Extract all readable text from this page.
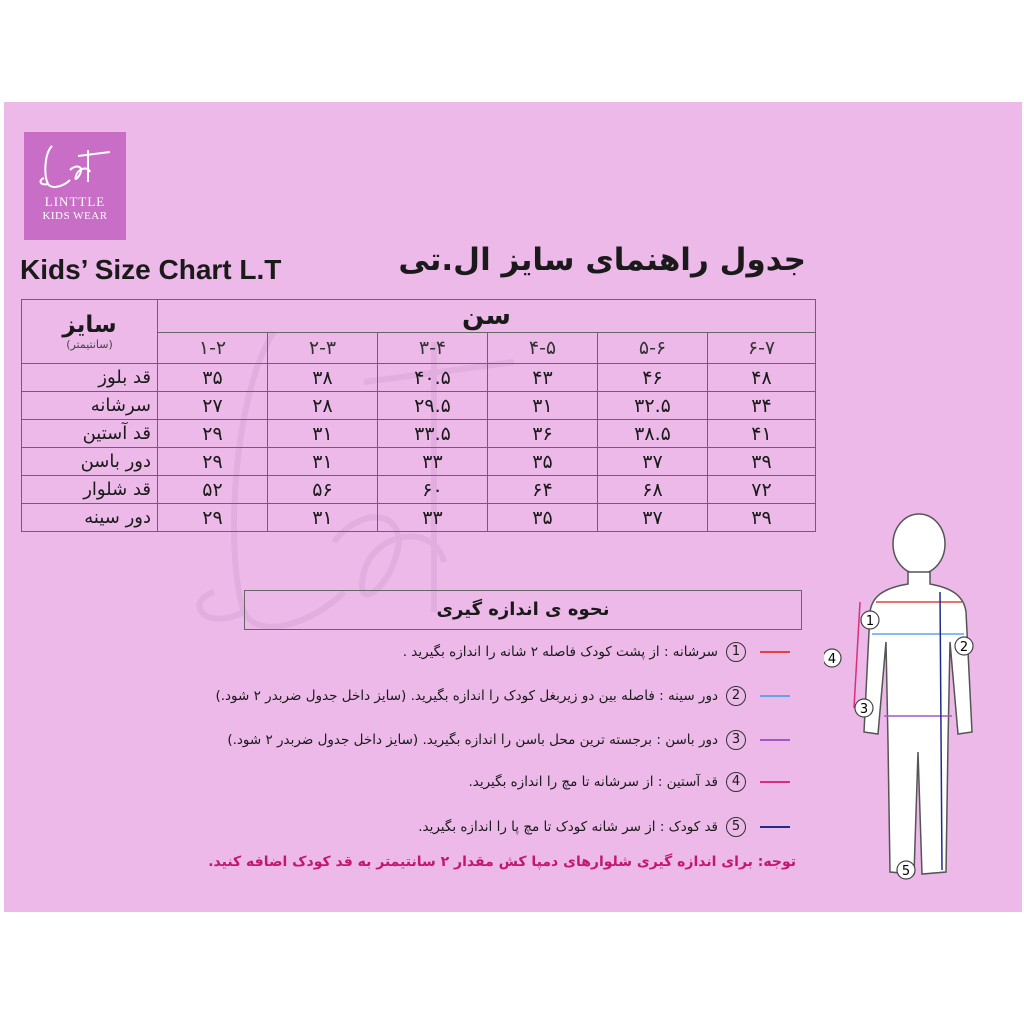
LINTTLE
KIDS WEAR
Kids’ Size Chart L.T	جدول راهنمای سایز ال.تی
سایز
(سانتیمتر)	سن					
	۱-۲	۲-۳	۳-۴	۴-۵	۵-۶	۶-۷
قد بلوز	۳۵	۳۸	۴۰.۵	۴۳	۴۶	۴۸
سرشانه	۲۷	۲۸	۲۹.۵	۳۱	۳۲.۵	۳۴
قد آستین	۲۹	۳۱	۳۳.۵	۳۶	۳۸.۵	۴۱
دور باسن	۲۹	۳۱	۳۳	۳۵	۳۷	۳۹
قد شلوار	۵۲	۵۶	۶۰	۶۴	۶۸	۷۲
دور سینه	۲۹	۳۱	۳۳	۳۵	۳۷	۳۹
نحوه ی اندازه گیری
1سرشانه : از پشت کودک فاصله ۲ شانه را اندازه بگیرید .
2دور سینه : فاصله بین دو زیربغل کودک را اندازه بگیرید. (سایز داخل جدول ضربدر ۲ شود.)
3دور باسن : برجسته ترین محل باسن را اندازه بگیرید. (سایز داخل جدول ضربدر ۲ شود.)
4قد آستین : از سرشانه تا مچ را اندازه بگیرید.
5قد کودک : از سر شانه کودک تا مچ پا را اندازه بگیرید.
توجه: برای اندازه گیری شلوارهای دمپا کش مقدار ۲ سانتیمتر به قد کودک اضافه کنید.
1
2
3
4
5
